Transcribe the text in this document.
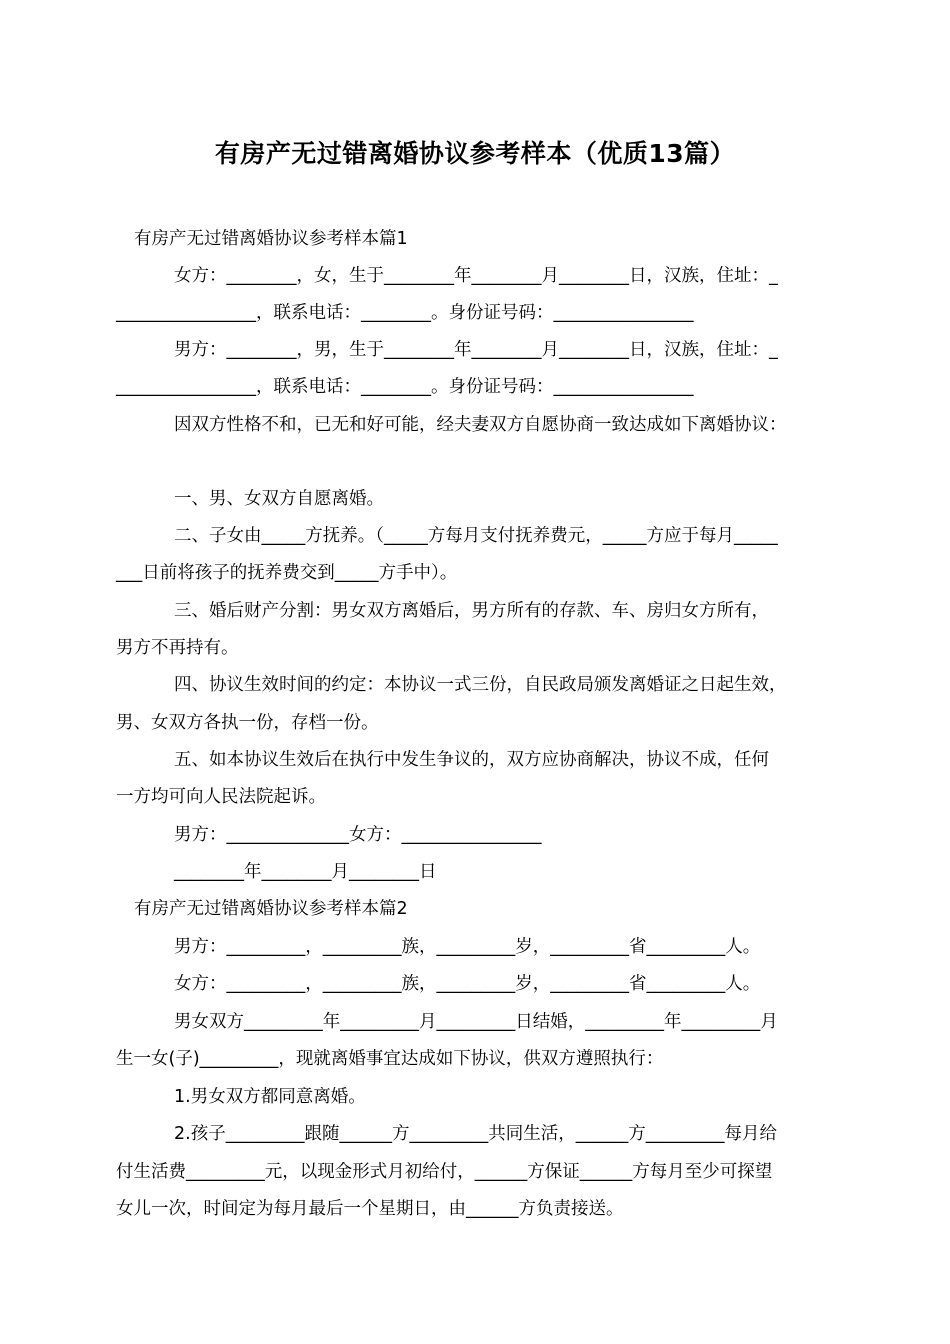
有房产无过错离婚协议参考样本（优质13篇）
有房产无过错离婚协议参考样本篇1
女方：________，女，生于________年________月________日，汉族，住址：_
________________，联系电话：________。身份证号码：________________
男方：________，男，生于________年________月________日，汉族，住址：_
________________，联系电话：________。身份证号码：________________
因双方性格不和，已无和好可能，经夫妻双方自愿协商一致达成如下离婚协议：
一、男、女双方自愿离婚。
二、子女由_____方抚养。（_____方每月支付抚养费元，_____方应于每月_____
___日前将孩子的抚养费交到_____方手中）。
三、婚后财产分割：男女双方离婚后，男方所有的存款、车、房归女方所有，
男方不再持有。
四、协议生效时间的约定：本协议一式三份，自民政局颁发离婚证之日起生效，
男、女双方各执一份，存档一份。
五、如本协议生效后在执行中发生争议的，双方应协商解决，协议不成，任何
一方均可向人民法院起诉。
男方：______________女方：________________
________年________月________日
有房产无过错离婚协议参考样本篇2
男方：_________，_________族，_________岁，_________省_________人。
女方：_________，_________族，_________岁，_________省_________人。
男女双方_________年_________月_________日结婚，_________年_________月
生一女(子)_________，现就离婚事宜达成如下协议，供双方遵照执行：
1.男女双方都同意离婚。
2.孩子_________跟随______方_________共同生活，______方_________每月给
付生活费_________元，以现金形式月初给付，______方保证______方每月至少可探望
女儿一次，时间定为每月最后一个星期日，由______方负责接送。
